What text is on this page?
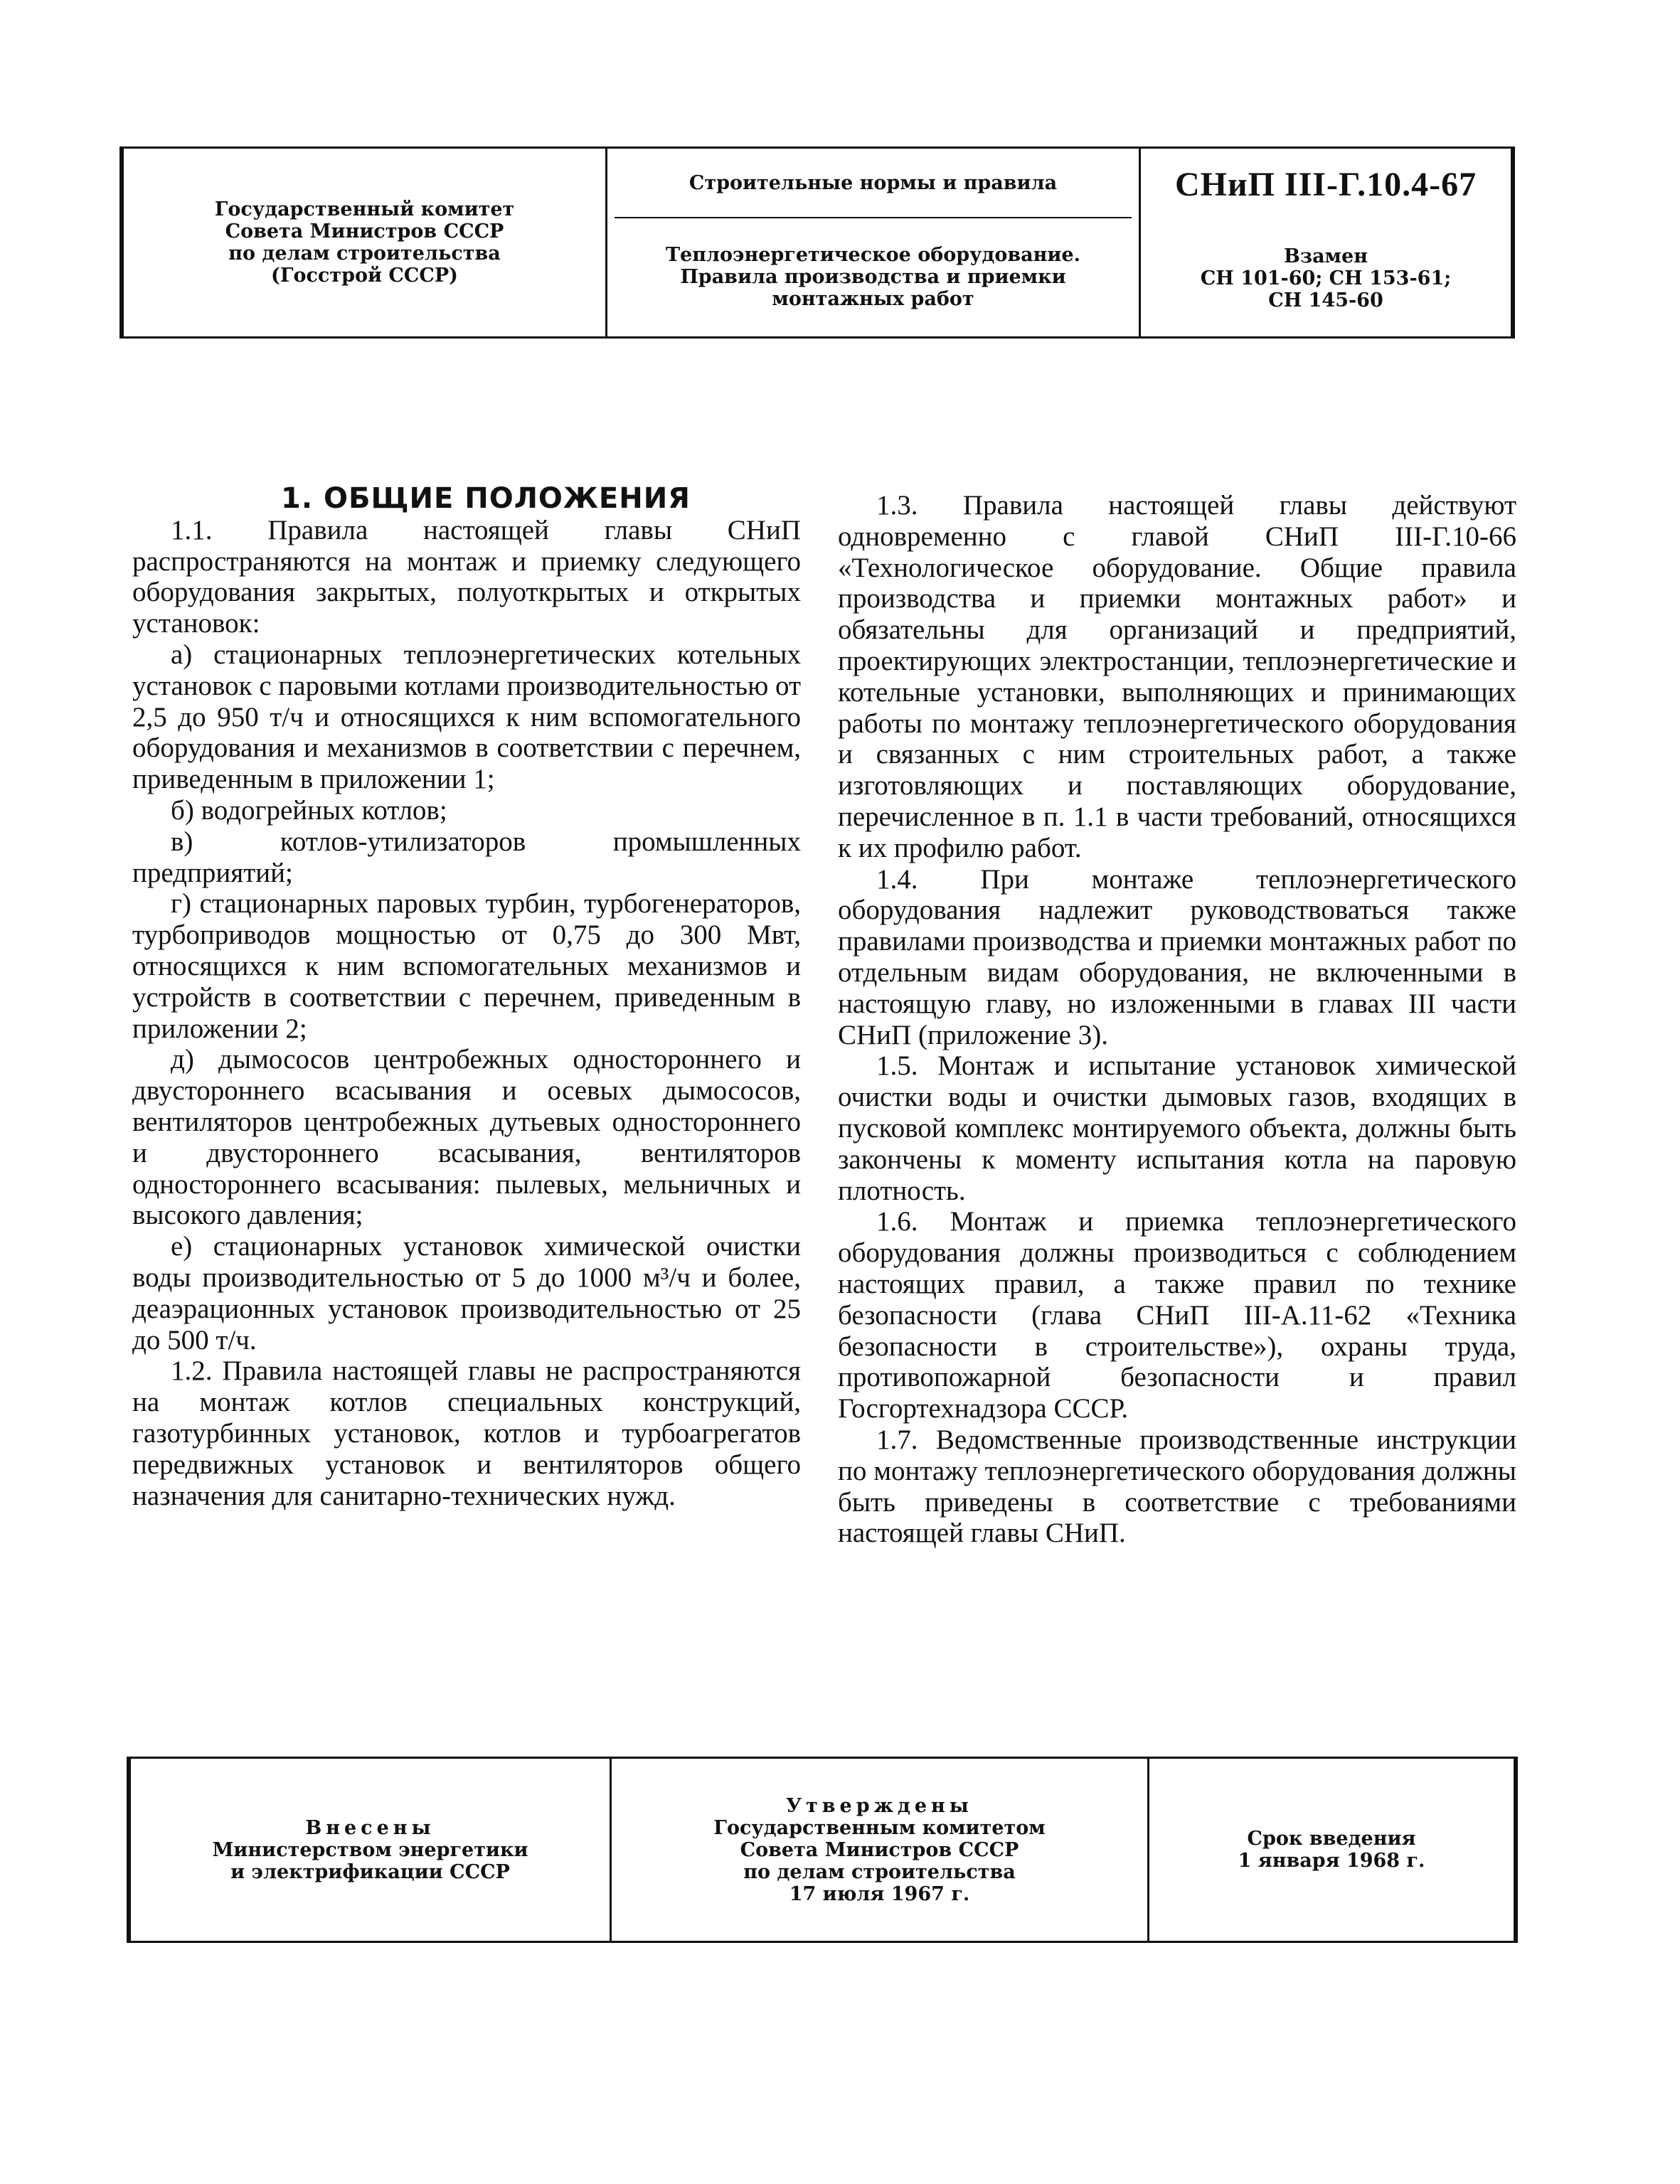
Государственный комитет
Совета Министров СССР
по делам строительства
(Госстрой СССР)
Строительные нормы и правила
Теплоэнергетическое оборудование.
Правила производства и приемки
монтажных работ
СНиП III-Г.10.4-67
Взамен
СН 101-60; СН 153-61;
СН 145-60

1. ОБЩИЕ ПОЛОЖЕНИЯ

1.1. Правила настоящей главы СНиП распространяются на монтаж и приемку следующего оборудования закрытых, полуоткрытых и открытых установок:

а) стационарных теплоэнергетических котельных установок с паровыми котлами производительностью от 2,5 до 950 т/ч и относящихся к ним вспомогательного оборудования и механизмов в соответствии с перечнем, приведенным в приложении 1;

б) водогрейных котлов;

в) котлов-утилизаторов промышленных предприятий;

г) стационарных паровых турбин, турбогенераторов, турбоприводов мощностью от 0,75 до 300 Мвт, относящихся к ним вспомогательных механизмов и устройств в соответствии с перечнем, приведенным в приложении 2;

д) дымососов центробежных одностороннего и двустороннего всасывания и осевых дымососов, вентиляторов центробежных дутьевых одностороннего и двустороннего всасывания, вентиляторов одностороннего всасывания: пылевых, мельничных и высокого давления;

е) стационарных установок химической очистки воды производительностью от 5 до 1000 м³/ч и более, деаэрационных установок производительностью от 25 до 500 т/ч.

1.2. Правила настоящей главы не распространяются на монтаж котлов специальных конструкций, газотурбинных установок, котлов и турбоагрегатов передвижных установок и вентиляторов общего назначения для санитарно-технических нужд.

1.3. Правила настоящей главы действуют одновременно с главой СНиП III-Г.10-66 «Технологическое оборудование. Общие правила производства и приемки монтажных работ» и обязательны для организаций и предприятий, проектирующих электростанции, теплоэнергетические и котельные установки, выполняющих и принимающих работы по монтажу теплоэнергетического оборудования и связанных с ним строительных работ, а также изготовляющих и поставляющих оборудование, перечисленное в п. 1.1 в части требований, относящихся к их профилю работ.

1.4. При монтаже теплоэнергетического оборудования надлежит руководствоваться также правилами производства и приемки монтажных работ по отдельным видам оборудования, не включенными в настоящую главу, но изложенными в главах III части СНиП (приложение 3).

1.5. Монтаж и испытание установок химической очистки воды и очистки дымовых газов, входящих в пусковой комплекс монтируемого объекта, должны быть закончены к моменту испытания котла на паровую плотность.

1.6. Монтаж и приемка теплоэнергетического оборудования должны производиться с соблюдением настоящих правил, а также правил по технике безопасности (глава СНиП III-А.11-62 «Техника безопасности в строительстве»), охраны труда, противопожарной безопасности и правил Госгортехнадзора СССР.

1.7. Ведомственные производственные инструкции по монтажу теплоэнергетического оборудования должны быть приведены в соответствие с требованиями настоящей главы СНиП.

Внесены
Министерством энергетики
и электрификации СССР
Утверждены
Государственным комитетом
Совета Министров СССР
по делам строительства
17 июля 1967 г.
Срок введения
1 января 1968 г.
